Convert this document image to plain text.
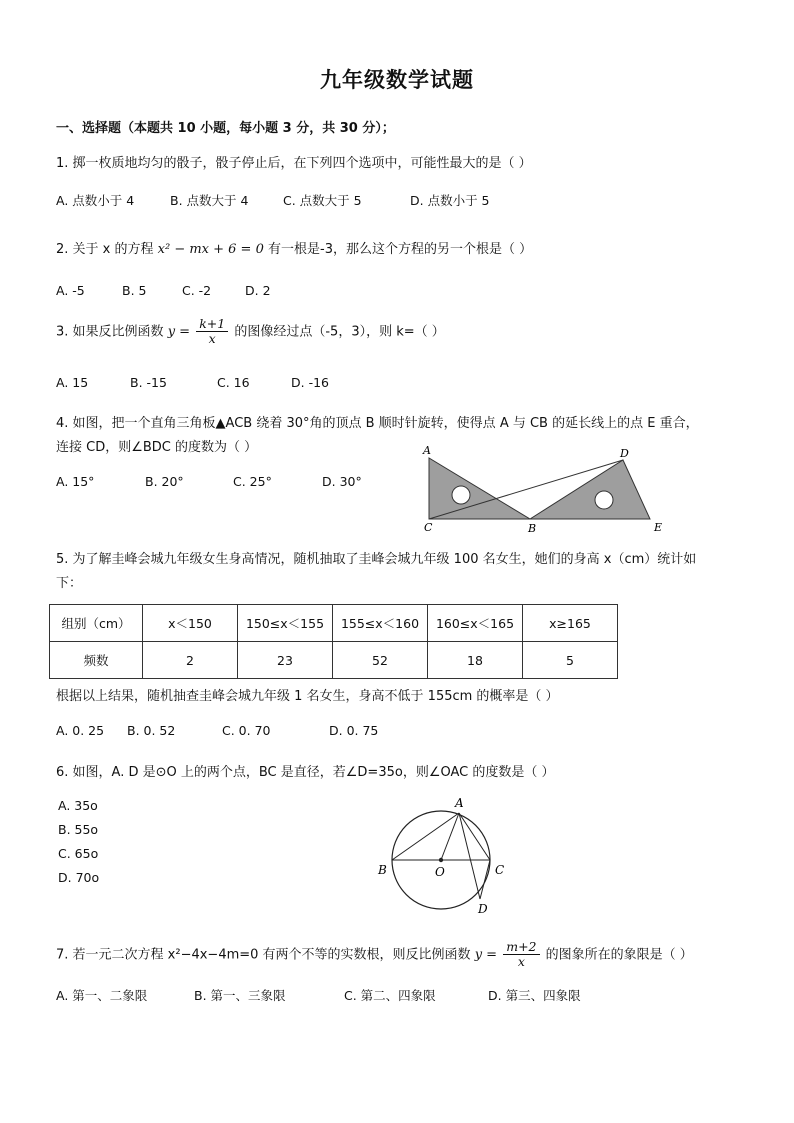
九年级数学试题
一、选择题（本题共 10 小题，每小题 3 分，共 30 分）；
1. 掷一枚质地均匀的骰子，骰子停止后，在下列四个选项中，可能性最大的是（ ）
A. 点数小于 4	B. 点数大于 4	C. 点数大于 5	D. 点数小于 5
2. 关于 x 的方程 x² − mx + 6 = 0 有一根是-3，那么这个方程的另一个根是（ ）
A. -5	B. 5	C. -2	D. 2
3. 如果反比例函数 $y = \frac{k+1}{x}$ 的图像经过点（-5，3），则 k=（ ）
A. 15	B. -15	C. 16	D. -16
4. 如图，把一个直角三角板▲ACB 绕着 30°角的顶点 B 顺时针旋转，使得点 A 与 CB 的延长线上的点 E 重合，
连接 CD，则∠BDC 的度数为（ ）
A. 15°	B. 20°	C. 25°	D. 30°
A
C	B
D
E
5. 为了解圭峰会城九年级女生身高情况，随机抽取了圭峰会城九年级 100 名女生，她们的身高 x（cm）统计如
下：
组别（cm）	x＜150	150≤x＜155	155≤x＜160	160≤x＜165	x≥165
频数	2	23	52	18	5
根据以上结果，随机抽查圭峰会城九年级 1 名女生，身高不低于 155cm 的概率是（ ）
A. 0. 25 B. 0. 52	C. 0. 70	D. 0. 75
6. 如图，A. D 是⊙O 上的两个点，BC 是直径，若∠D=35o，则∠OAC 的度数是（ ）
A. 35o
B. 55o
C. 65o
D. 70o
A
B	O	C
D
7. 若一元二次方程 x²−4x−4m=0 有两个不等的实数根，则反比例函数 $y = \frac{m+2}{x}$ 的图象所在的象限是（ ）
A. 第一、二象限	B. 第一、三象限	C. 第二、四象限	D. 第三、四象限
